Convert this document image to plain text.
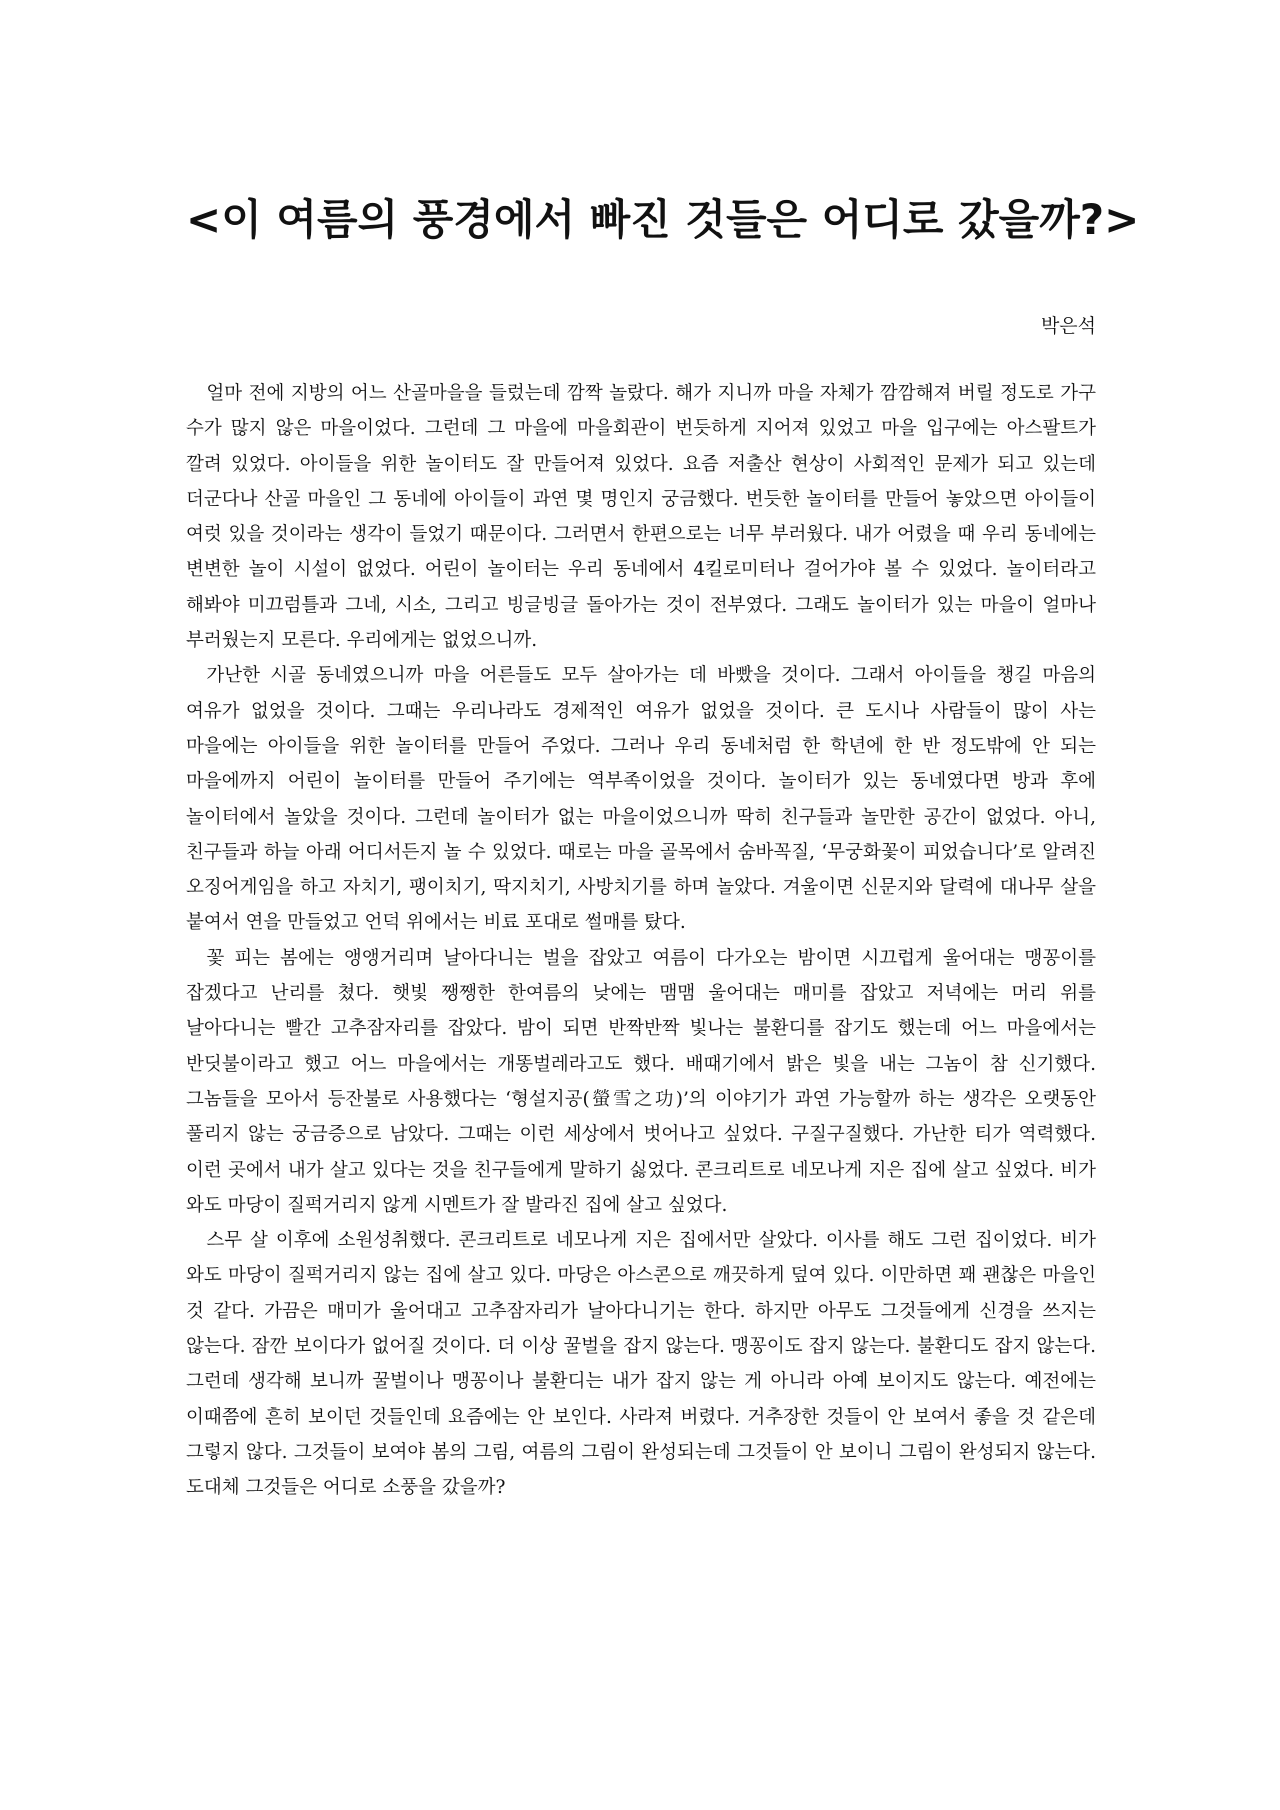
<이 여름의 풍경에서 빠진 것들은 어디로 갔을까?>
박은석

얼마 전에 지방의 어느 산골마을을 들렀는데 깜짝 놀랐다. 해가 지니까 마을 자체가 깜깜해져 버릴 정도로 가구 수가 많지 않은 마을이었다. 그런데 그 마을에 마을회관이 번듯하게 지어져 있었고 마을 입구에는 아스팔트가 깔려 있었다. 아이들을 위한 놀이터도 잘 만들어져 있었다. 요즘 저출산 현상이 사회적인 문제가 되고 있는데 더군다나 산골 마을인 그 동네에 아이들이 과연 몇 명인지 궁금했다. 번듯한 놀이터를 만들어 놓았으면 아이들이 여럿 있을 것이라는 생각이 들었기 때문이다. 그러면서 한편으로는 너무 부러웠다. 내가 어렸을 때 우리 동네에는 변변한 놀이 시설이 없었다. 어린이 놀이터는 우리 동네에서 4킬로미터나 걸어가야 볼 수 있었다. 놀이터라고 해봐야 미끄럼틀과 그네, 시소, 그리고 빙글빙글 돌아가는 것이 전부였다. 그래도 놀이터가 있는 마을이 얼마나 부러웠는지 모른다. 우리에게는 없었으니까.

가난한 시골 동네였으니까 마을 어른들도 모두 살아가는 데 바빴을 것이다. 그래서 아이들을 챙길 마음의 여유가 없었을 것이다. 그때는 우리나라도 경제적인 여유가 없었을 것이다. 큰 도시나 사람들이 많이 사는 마을에는 아이들을 위한 놀이터를 만들어 주었다. 그러나 우리 동네처럼 한 학년에 한 반 정도밖에 안 되는 마을에까지 어린이 놀이터를 만들어 주기에는 역부족이었을 것이다. 놀이터가 있는 동네였다면 방과 후에 놀이터에서 놀았을 것이다. 그런데 놀이터가 없는 마을이었으니까 딱히 친구들과 놀만한 공간이 없었다. 아니, 친구들과 하늘 아래 어디서든지 놀 수 있었다. 때로는 마을 골목에서 숨바꼭질, ‘무궁화꽃이 피었습니다’로 알려진 오징어게임을 하고 자치기, 팽이치기, 딱지치기, 사방치기를 하며 놀았다. 겨울이면 신문지와 달력에 대나무 살을 붙여서 연을 만들었고 언덕 위에서는 비료 포대로 썰매를 탔다.

꽃 피는 봄에는 앵앵거리며 날아다니는 벌을 잡았고 여름이 다가오는 밤이면 시끄럽게 울어대는 맹꽁이를 잡겠다고 난리를 쳤다. 햇빛 쨍쨍한 한여름의 낮에는 맴맴 울어대는 매미를 잡았고 저녁에는 머리 위를 날아다니는 빨간 고추잠자리를 잡았다. 밤이 되면 반짝반짝 빛나는 불환디를 잡기도 했는데 어느 마을에서는 반딧불이라고 했고 어느 마을에서는 개똥벌레라고도 했다. 배때기에서 밝은 빛을 내는 그놈이 참 신기했다. 그놈들을 모아서 등잔불로 사용했다는 ‘형설지공(螢雪之功)’의 이야기가 과연 가능할까 하는 생각은 오랫동안 풀리지 않는 궁금증으로 남았다. 그때는 이런 세상에서 벗어나고 싶었다. 구질구질했다. 가난한 티가 역력했다. 이런 곳에서 내가 살고 있다는 것을 친구들에게 말하기 싫었다. 콘크리트로 네모나게 지은 집에 살고 싶었다. 비가 와도 마당이 질퍽거리지 않게 시멘트가 잘 발라진 집에 살고 싶었다.

스무 살 이후에 소원성취했다. 콘크리트로 네모나게 지은 집에서만 살았다. 이사를 해도 그런 집이었다. 비가 와도 마당이 질퍽거리지 않는 집에 살고 있다. 마당은 아스콘으로 깨끗하게 덮여 있다. 이만하면 꽤 괜찮은 마을인 것 같다. 가끔은 매미가 울어대고 고추잠자리가 날아다니기는 한다. 하지만 아무도 그것들에게 신경을 쓰지는 않는다. 잠깐 보이다가 없어질 것이다. 더 이상 꿀벌을 잡지 않는다. 맹꽁이도 잡지 않는다. 불환디도 잡지 않는다. 그런데 생각해 보니까 꿀벌이나 맹꽁이나 불환디는 내가 잡지 않는 게 아니라 아예 보이지도 않는다. 예전에는 이때쯤에 흔히 보이던 것들인데 요즘에는 안 보인다. 사라져 버렸다. 거추장한 것들이 안 보여서 좋을 것 같은데 그렇지 않다. 그것들이 보여야 봄의 그림, 여름의 그림이 완성되는데 그것들이 안 보이니 그림이 완성되지 않는다. 도대체 그것들은 어디로 소풍을 갔을까?
